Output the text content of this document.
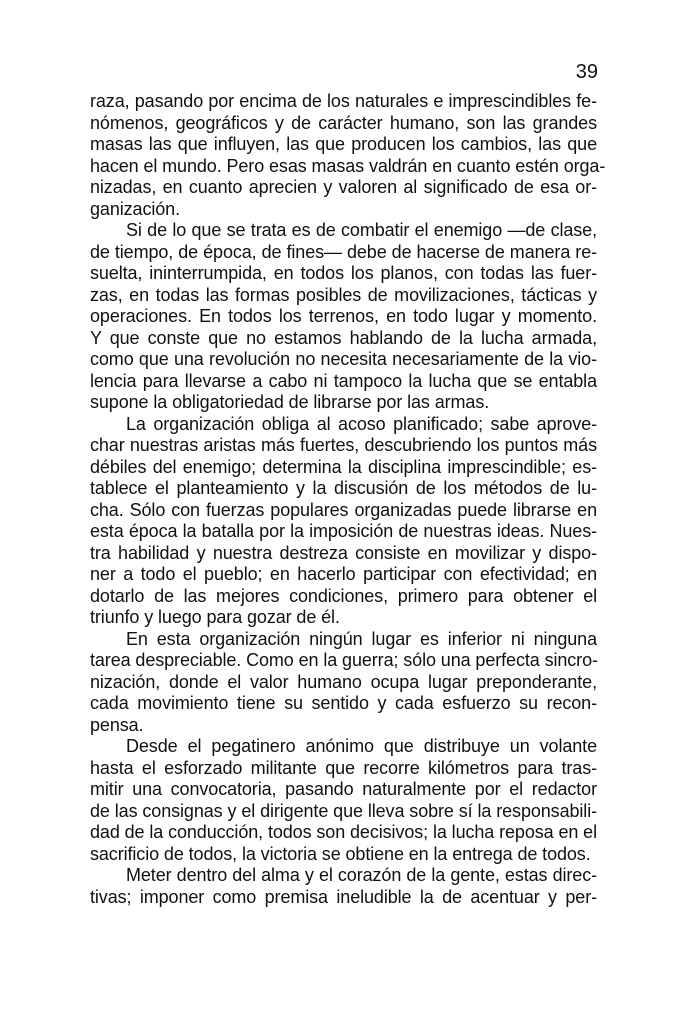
39
raza, pasando por encima de los naturales e imprescindibles fe-
nómenos, geográficos y de carácter humano, son las grandes
masas las que influyen, las que producen los cambios, las que
hacen el mundo. Pero esas masas valdrán en cuanto estén orga-
nizadas, en cuanto aprecien y valoren al significado de esa or-
ganización.
Si de lo que se trata es de combatir el enemigo —de clase,
de tiempo, de época, de fines— debe de hacerse de manera re-
suelta, ininterrumpida, en todos los planos, con todas las fuer-
zas, en todas las formas posibles de movilizaciones, tácticas y
operaciones. En todos los terrenos, en todo lugar y momento.
Y que conste que no estamos hablando de la lucha armada,
como que una revolución no necesita necesariamente de la vio-
lencia para llevarse a cabo ni tampoco la lucha que se entabla
supone la obligatoriedad de librarse por las armas.
La organización obliga al acoso planificado; sabe aprove-
char nuestras aristas más fuertes, descubriendo los puntos más
débiles del enemigo; determina la disciplina imprescindible; es-
tablece el planteamiento y la discusión de los métodos de lu-
cha. Sólo con fuerzas populares organizadas puede librarse en
esta época la batalla por la imposición de nuestras ideas. Nues-
tra habilidad y nuestra destreza consiste en movilizar y dispo-
ner a todo el pueblo; en hacerlo participar con efectividad; en
dotarlo de las mejores condiciones, primero para obtener el
triunfo y luego para gozar de él.
En esta organización ningún lugar es inferior ni ninguna
tarea despreciable. Como en la guerra; sólo una perfecta sincro-
nización, donde el valor humano ocupa lugar preponderante,
cada movimiento tiene su sentido y cada esfuerzo su recon-
pensa.
Desde el pegatinero anónimo que distribuye un volante
hasta el esforzado militante que recorre kilómetros para tras-
mitir una convocatoria, pasando naturalmente por el redactor
de las consignas y el dirigente que lleva sobre sí la responsabili-
dad de la conducción, todos son decisivos; la lucha reposa en el
sacrificio de todos, la victoria se obtiene en la entrega de todos.
Meter dentro del alma y el corazón de la gente, estas direc-
tivas; imponer como premisa ineludible la de acentuar y per-
